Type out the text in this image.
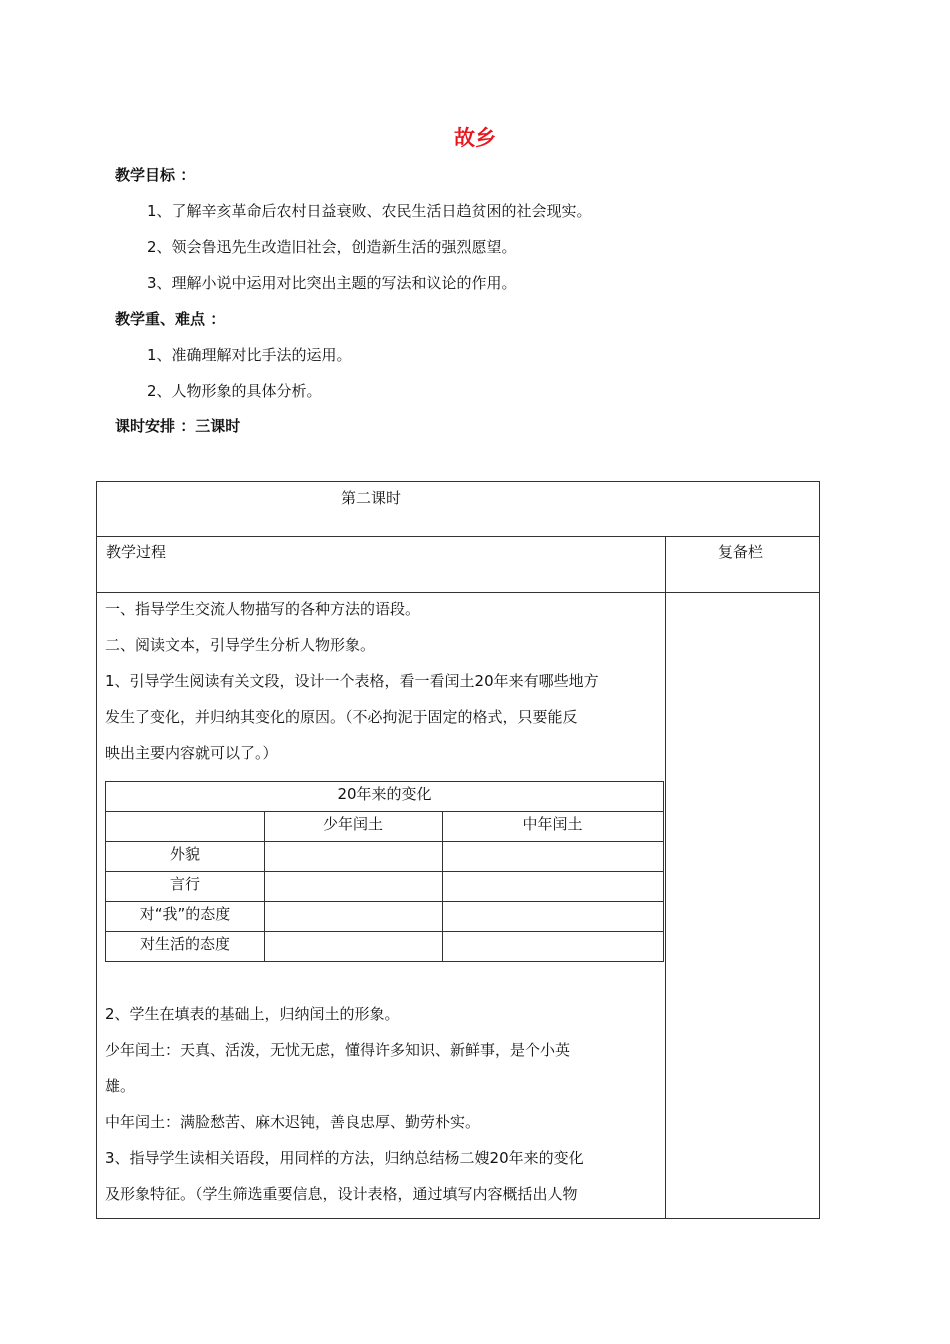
故乡
教学目标 ：
1、了解辛亥革命后农村日益衰败、农民生活日趋贫困的社会现实。
2、领会鲁迅先生改造旧社会，创造新生活的强烈愿望。
3、理解小说中运用对比突出主题的写法和议论的作用。
教学重、难点 ：
1、准确理解对比手法的运用。
2、人物形象的具体分析。
课时安排 ：三课时
第二课时
教学过程	复备栏
一、指导学生交流人物描写的各种方法的语段。
二、阅读文本，引导学生分析人物形象。
1、引导学生阅读有关文段，设计一个表格，看一看闰土20年来有哪些地方
发生了变化，并归纳其变化的原因。（不必拘泥于固定的格式，只要能反
映出主要内容就可以了。）
20年来的变化
少年闰土	中年闰土
外貌
言行
对“我”的态度
对生活的态度
2、学生在填表的基础上，归纳闰土的形象。
少年闰土：天真、活泼，无忧无虑，懂得许多知识、新鲜事，是个小英
雄。
中年闰土：满脸愁苦、麻木迟钝，善良忠厚、勤劳朴实。
3、指导学生读相关语段，用同样的方法，归纳总结杨二嫂20年来的变化
及形象特征。（学生筛选重要信息，设计表格，通过填写内容概括出人物
